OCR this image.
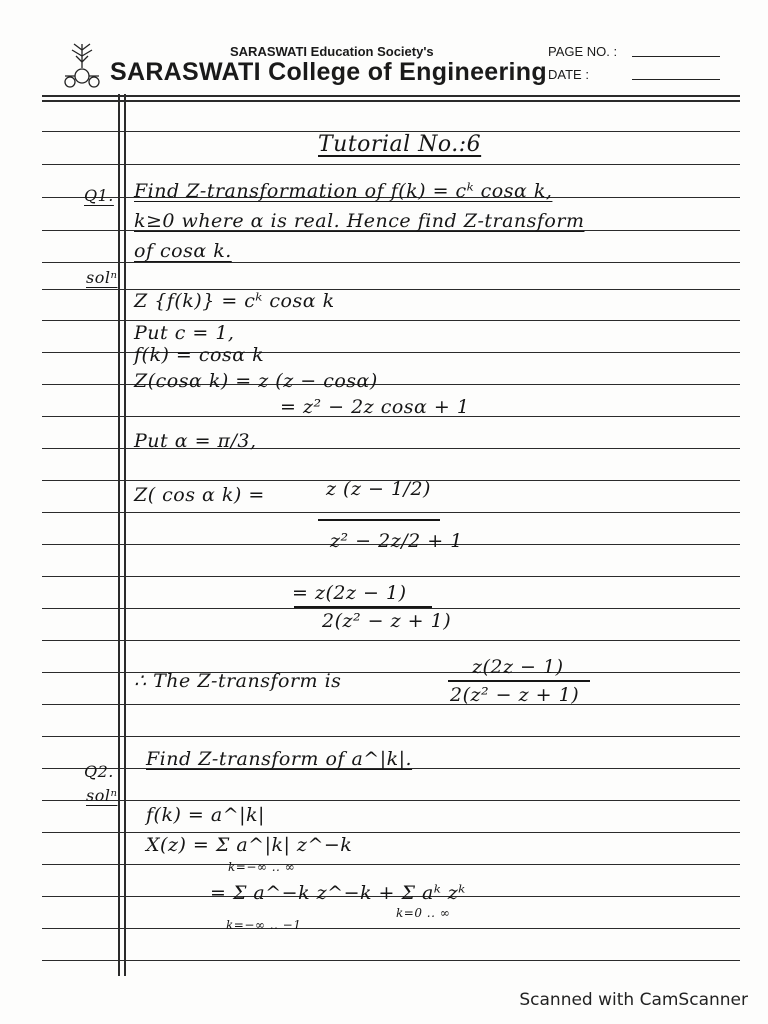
SARASWATI Education Society's
SARASWATI College of Engineering
PAGE NO. :
DATE :
Tutorial No.:6
Q1. Find Z-transformation of f(k) = cᵏ cosα k,
k≥0 where α is real. Hence find Z-transform
of cosα k.
solⁿ
Z {f(k)} = cᵏ cosα k
Put c = 1,
f(k) = cosα k
Z(cosα k) = z (z − cosα)
= z² − 2z cosα + 1
Put α = π/3,
Z( cos α k) =	z (z − 1/2)
z² − 2z/2 + 1
= z(2z − 1)
2(z² − z + 1)
∴ The Z-transform is
z(2z − 1)
2(z² − z + 1)
Q2.
Find Z-transform of a^|k|.
solⁿ
f(k) = a^|k|
X(z) = Σ a^|k| z^−k
k=−∞ .. ∞
= Σ a^−k z^−k + Σ aᵏ zᵏ
k=−∞ .. −1
k=0 .. ∞
Scanned with CamScanner
